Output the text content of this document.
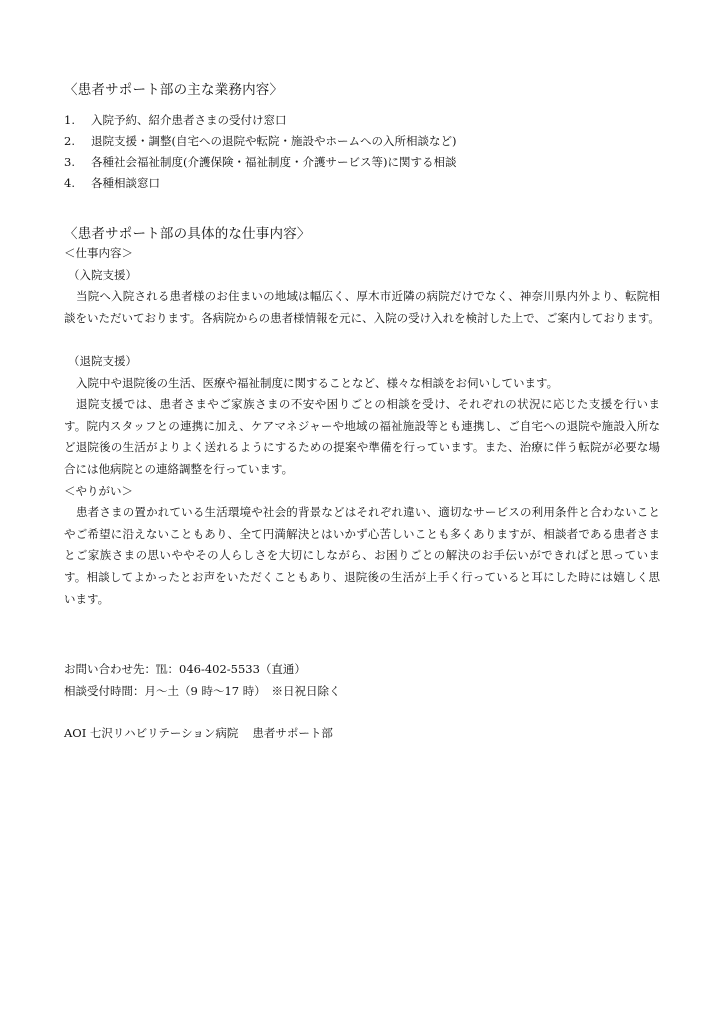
〈患者サポート部の主な業務内容〉
1.	入院予約、紹介患者さまの受付け窓口
2.	退院支援・調整(自宅への退院や転院・施設やホームへの入所相談など)
3.	各種社会福祉制度(介護保険・福祉制度・介護サービス等)に関する相談
4.	各種相談窓口
〈患者サポート部の具体的な仕事内容〉
＜仕事内容＞
（入院支援）

当院へ入院される患者様のお住まいの地域は幅広く、厚木市近隣の病院だけでなく、神奈川県内外より、転院相談をいただいております。各病院からの患者様情報を元に、入院の受け入れを検討した上で、ご案内しております。

（退院支援）

入院中や退院後の生活、医療や福祉制度に関することなど、様々な相談をお伺いしています。

退院支援では、患者さまやご家族さまの不安や困りごとの相談を受け、それぞれの状況に応じた支援を行います。院内スタッフとの連携に加え、ケアマネジャーや地域の福祉施設等とも連携し、ご自宅への退院や施設入所など退院後の生活がよりよく送れるようにするための提案や準備を行っています。また、治療に伴う転院が必要な場合には他病院との連絡調整を行っています。

＜やりがい＞

患者さまの置かれている生活環境や社会的背景などはそれぞれ違い、適切なサービスの利用条件と合わないことやご希望に沿えないこともあり、全て円満解決とはいかず心苦しいことも多くありますが、相談者である患者さまとご家族さまの思いややその人らしさを大切にしながら、お困りごとの解決のお手伝いができればと思っています。相談してよかったとお声をいただくこともあり、退院後の生活が上手く行っていると耳にした時には嬉しく思います。

お問い合わせ先：℡：046-402-5533（直通）
相談受付時間：月〜土（9 時〜17 時）　※日祝日除く
AOI 七沢リハビリテーション病院 患者サポート部
